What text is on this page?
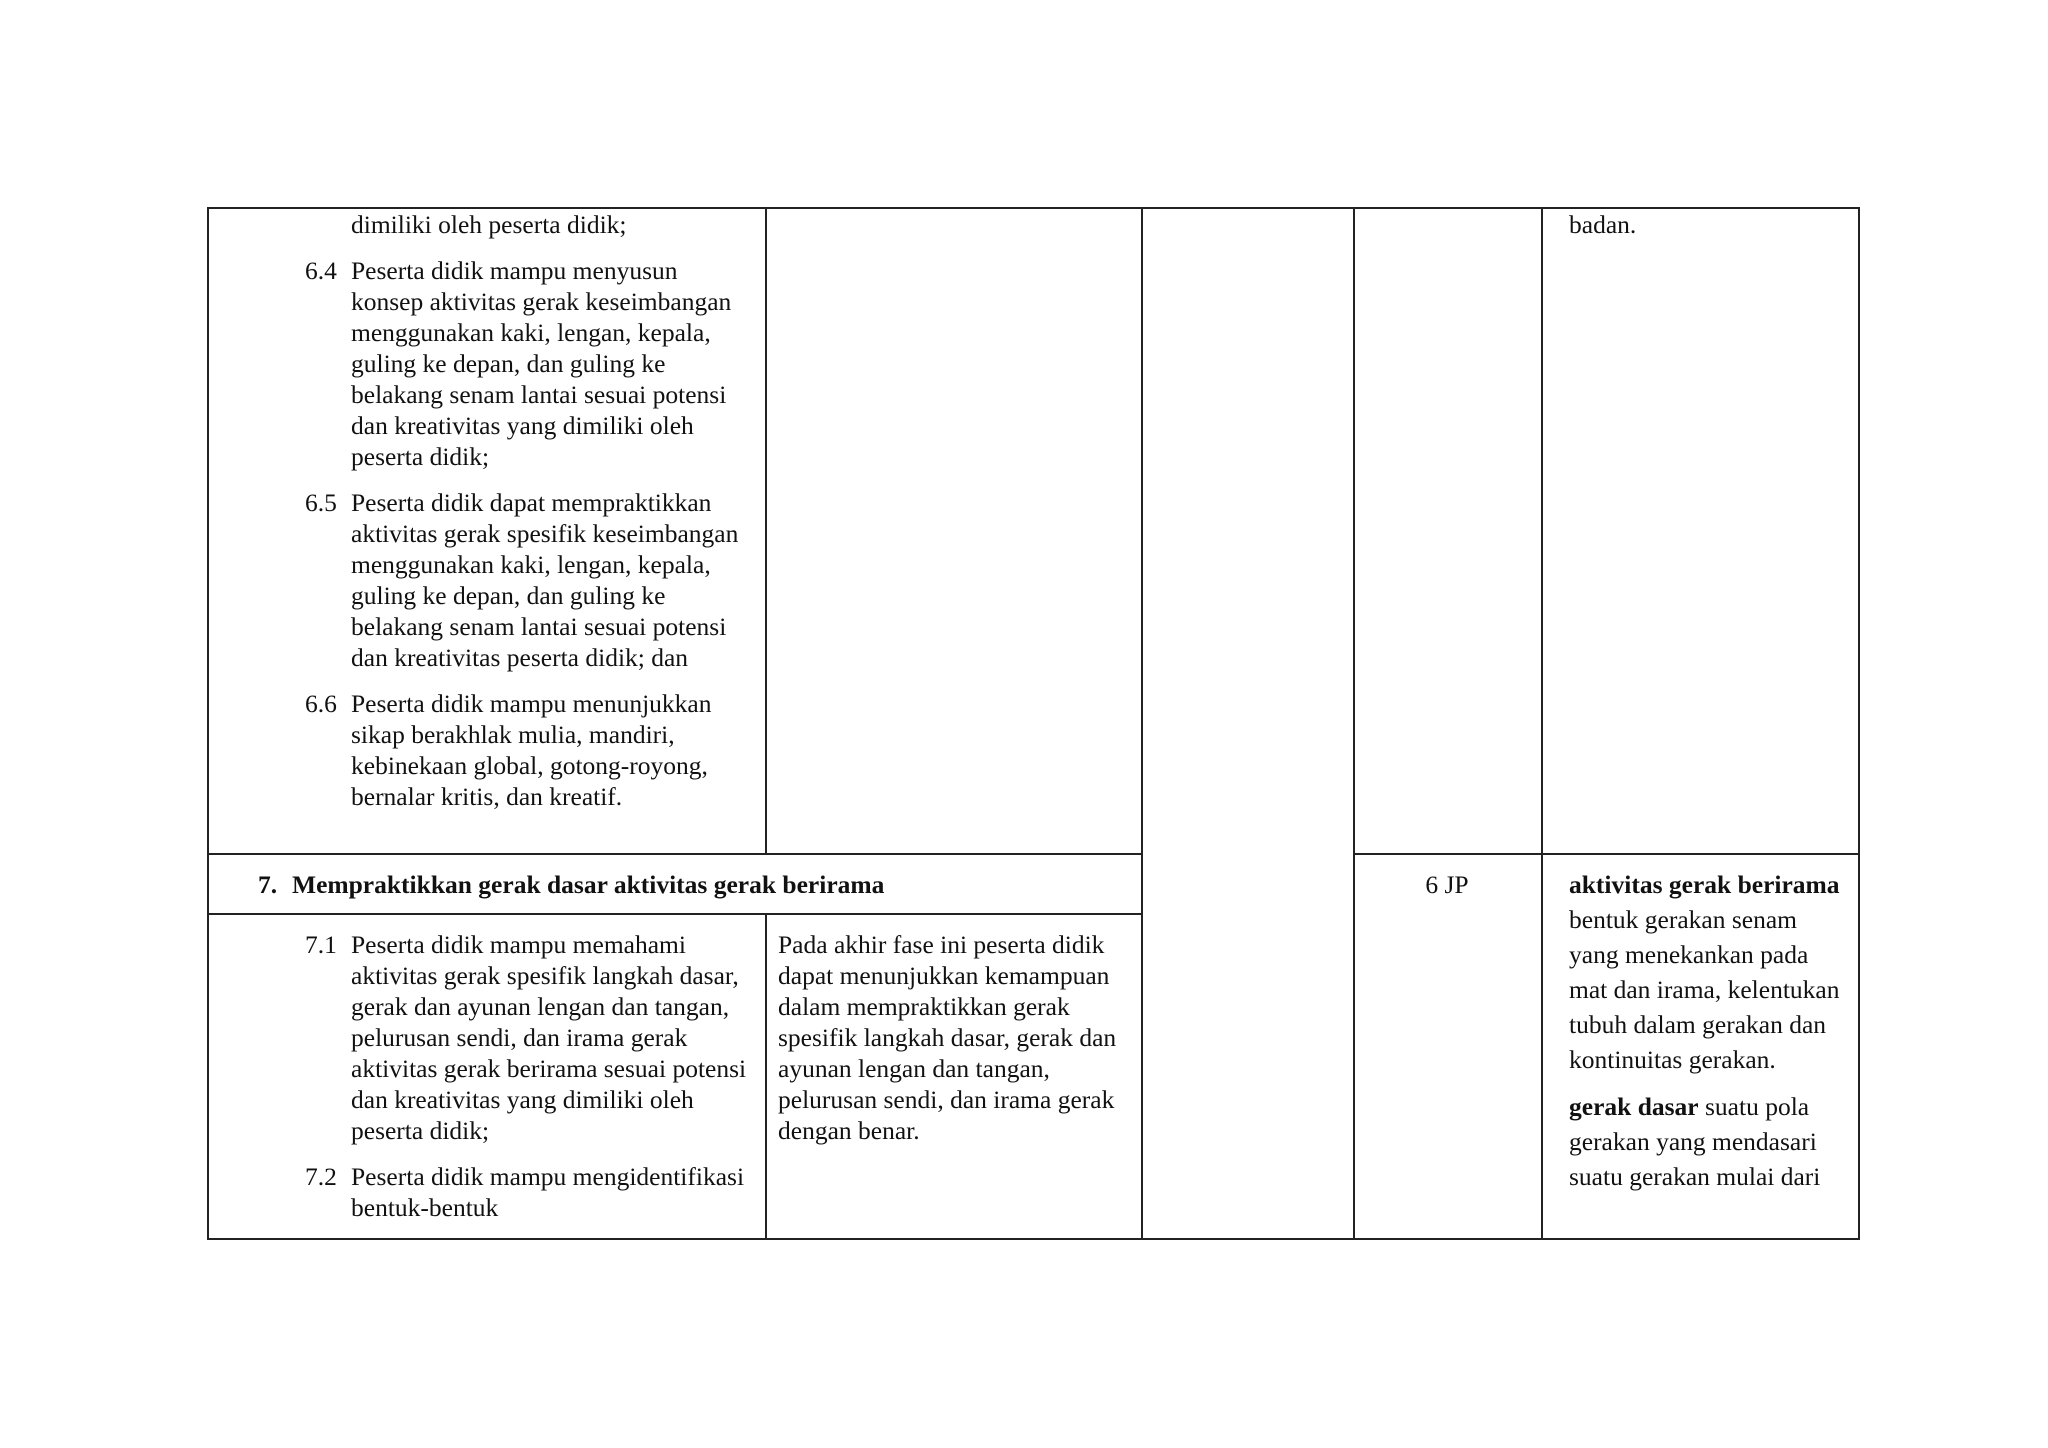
dimiliki oleh peserta didik;
6.4 Peserta didik mampu menyusun konsep aktivitas gerak keseimbangan menggunakan kaki, lengan, kepala, guling ke depan, dan guling ke belakang senam lantai sesuai potensi dan kreativitas yang dimiliki oleh peserta didik;
6.5 Peserta didik dapat mempraktikkan aktivitas gerak spesifik keseimbangan menggunakan kaki, lengan, kepala, guling ke depan, dan guling ke belakang senam lantai sesuai potensi dan kreativitas peserta didik; dan
6.6 Peserta didik mampu menunjukkan sikap berakhlak mulia, mandiri, kebinekaan global, gotong-royong, bernalar kritis, dan kreatif.
badan.
7. Mempraktikkan gerak dasar aktivitas gerak berirama	6 JP
7.1 Peserta didik mampu memahami aktivitas gerak spesifik langkah dasar, gerak dan ayunan lengan dan tangan, pelurusan sendi, dan irama gerak aktivitas gerak berirama sesuai potensi dan kreativitas yang dimiliki oleh peserta didik;
7.2 Peserta didik mampu mengidentifikasi bentuk-bentuk
Pada akhir fase ini peserta didik dapat menunjukkan kemampuan dalam mempraktikkan gerak spesifik langkah dasar, gerak dan ayunan lengan dan tangan, pelurusan sendi, dan irama gerak dengan benar.
aktivitas gerak berirama bentuk gerakan senam yang menekankan pada mat dan irama, kelentukan tubuh dalam gerakan dan kontinuitas gerakan.
gerak dasar suatu pola gerakan yang mendasari suatu gerakan mulai dari
